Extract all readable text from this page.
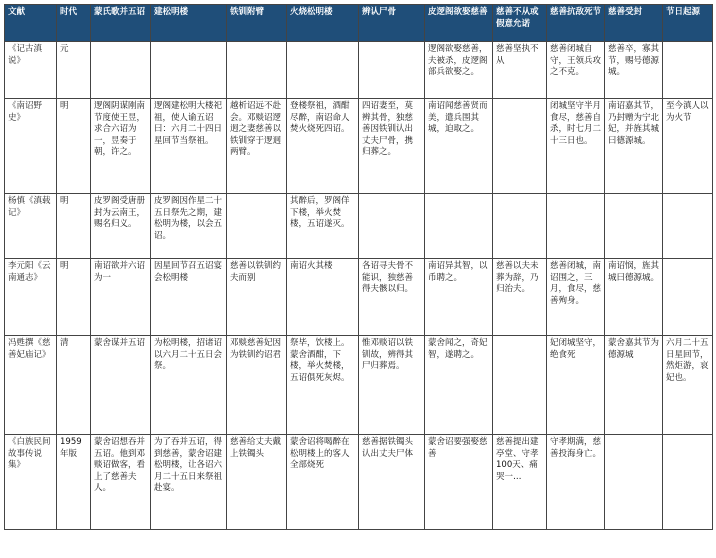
文献	时代	蒙氏歌并五诏	建松明楼	铁钏附臂	火烧松明楼	辨认尸骨	皮逻阁欲娶慈善	慈善不从或假意允诺	慈善抗敌死节	慈善受封	节日起源
《记古滇说》	元						逻阁欲娶慈善，夫被杀，皮逻阁部兵欲娶之。	慈善坚执不从	慈善闭城自守，王领兵攻之不克。	慈善卒，寡其节，赐号德源城。	
《南诏野史》	明	逻阁阴谋刚南节度使王昱，求合六诏为一，昱奏于朝，许之。	逻阁建松明大楼祀祖，使人谕五诏曰：六月二十四日星回节当祭祖。	越析诏远不赴会。邓赕诏逻迥之妻慈善以铁钏穿于逻迥两臂。	登楼祭祖，酒酣尽醉，南诏命人焚火烧死四诏。	四诏妻至，莫辨其骨，独慈善因铁钏认出丈夫尸骨，携归葬之。	南诏闻慈善贤而美，遣兵围其城，迫取之。		闭城坚守半月食尽，慈善自杀，时七月二十三日也。	南诏嘉其节，乃封赠为宁北妃，并旌其城曰德源城。	至今滇人以为火节
杨慎《滇载记》	明	皮罗阁受唐册封为云南王，赐名归义。	皮罗阁因作星二十五日祭先之期，建松明为楼，以会五诏。		其醉后，罗阁佯下楼，举火焚楼，五诏遂灭。						
李元阳《云南通志》	明	南诏欲并六诏为一	因星回节召五诏宴会松明楼	慈善以铁钏约夫而别	南诏火其楼	各诏寻夫骨不能识，独慈善得夫骸以归。	南诏异其智，以币聘之。	慈善以夫未葬为辞，乃归治夫。	慈善闭城，南诏围之，三月，食尽，慈善殉身。	南诏悯，旌其城曰德源城。	
冯甦撰《慈善妃庙记》	清	蒙舍谋并五诏	为松明楼，招诸诏以六月二十五日会祭。	邓赕慈善妃因为铁钏约诏君	祭毕，饮楼上。蒙舍酒酣，下楼，举火焚楼，五诏俱死灰烬。	惟邓赕诏以铁钏故，辨得其尸归葬焉。	蒙舍闻之，奇妃智，遂聘之。		妃闭城坚守，绝食死	蒙舍嘉其节为德源城	六月二十五日星回节，然炬游，哀妃也。
《白族民间故事传说集》	1959年版	蒙舍诏想吞并五诏。他到邓赕诏做客，看上了慈善夫人。	为了吞并五诏，得到慈善，蒙舍诏建松明楼，让各诏六月二十五日来祭祖赴宴。	慈善给丈夫戴上铁镯头	蒙舍诏将喝醉在松明楼上的客人全部烧死	慈善据铁镯头认出丈夫尸体	蒙舍诏要强娶慈善	慈善提出建亭堂、守孝100天、痛哭一…	守孝期满，慈善投海身亡。		
